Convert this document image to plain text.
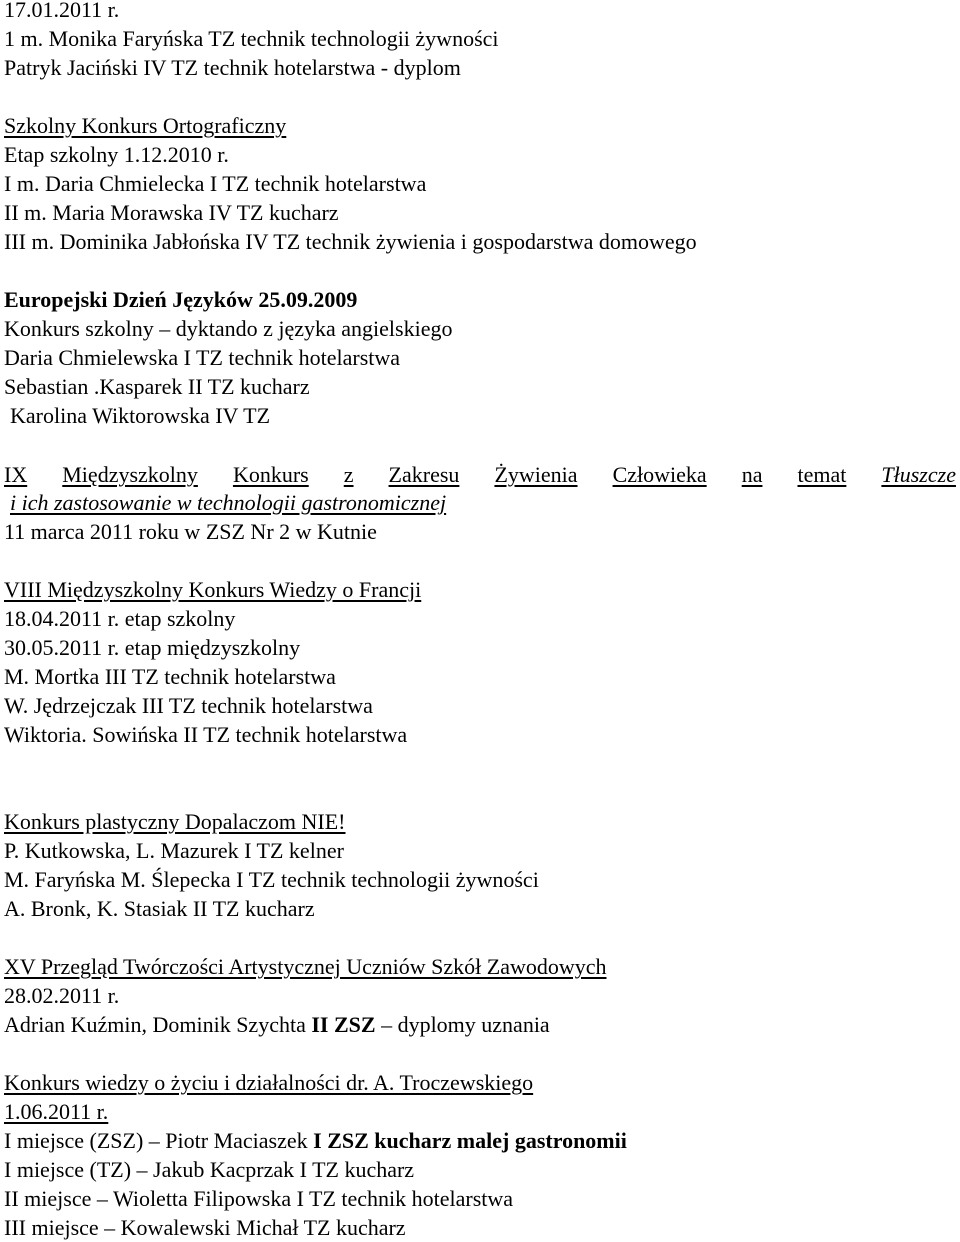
17.01.2011 r.
1 m. Monika Faryńska TZ technik technologii żywności
Patryk Jaciński IV TZ technik hotelarstwa - dyplom
Szkolny Konkurs Ortograficzny
Etap szkolny 1.12.2010 r.
I m. Daria Chmielecka I TZ technik hotelarstwa
II m. Maria Morawska IV TZ kucharz
III m. Dominika Jabłońska IV TZ technik żywienia i gospodarstwa domowego
Europejski Dzień Języków 25.09.2009
Konkurs szkolny – dyktando z języka angielskiego
Daria Chmielewska I TZ technik hotelarstwa
Sebastian .Kasparek II TZ kucharz
Karolina Wiktorowska IV TZ
IX Międzyszkolny Konkurs z Zakresu Żywienia Człowieka na temat Tłuszcze
i ich zastosowanie w technologii gastronomicznej
11 marca 2011 roku w ZSZ Nr 2 w Kutnie
VIII Międzyszkolny Konkurs Wiedzy o Francji
18.04.2011 r. etap szkolny
30.05.2011 r. etap międzyszkolny
M. Mortka III TZ technik hotelarstwa
W. Jędrzejczak III TZ technik hotelarstwa
Wiktoria. Sowińska II TZ technik hotelarstwa
Konkurs plastyczny Dopalaczom NIE!
P. Kutkowska, L. Mazurek I TZ kelner
M. Faryńska M. Ślepecka I TZ technik technologii żywności
A. Bronk, K. Stasiak II TZ kucharz
XV Przegląd Twórczości Artystycznej Uczniów Szkół Zawodowych
28.02.2011 r.
Adrian Kuźmin, Dominik Szychta II ZSZ – dyplomy uznania
Konkurs wiedzy o życiu i działalności dr. A. Troczewskiego
1.06.2011 r.
I miejsce (ZSZ) – Piotr Maciaszek I ZSZ kucharz malej gastronomii
I miejsce (TZ) – Jakub Kacprzak I TZ kucharz
II miejsce – Wioletta Filipowska I TZ technik hotelarstwa
III miejsce – Kowalewski Michał TZ kucharz
